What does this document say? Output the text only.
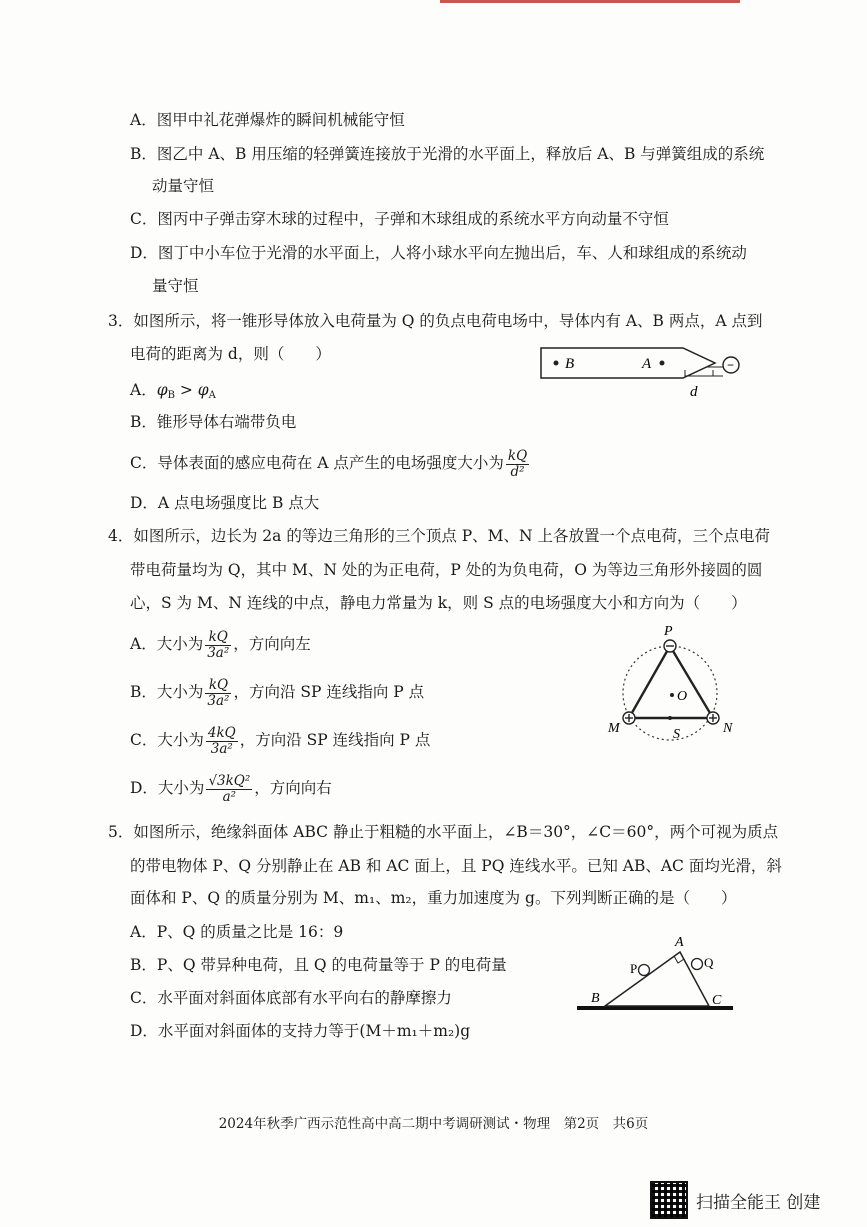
A．图甲中礼花弹爆炸的瞬间机械能守恒
B．图乙中 A、B 用压缩的轻弹簧连接放于光滑的水平面上，释放后 A、B 与弹簧组成的系统
动量守恒
C．图丙中子弹击穿木球的过程中，子弹和木球组成的系统水平方向动量不守恒
D．图丁中小车位于光滑的水平面上，人将小球水平向左抛出后，车、人和球组成的系统动
量守恒
3．如图所示，将一锥形导体放入电荷量为 Q 的负点电荷电场中，导体内有 A、B 两点，A 点到
电荷的距离为 d，则（　　）
A．$\varphi_B > \varphi_A$
B．锥形导体右端带负电
C．导体表面的感应电荷在 A 点产生的电场强度大小为 $\frac{kQ}{\text{d²}}$
D．A 点电场强度比 B 点大
B	A	−
d
4．如图所示，边长为 2a 的等边三角形的三个顶点 P、M、N 上各放置一个点电荷，三个点电荷
带电荷量均为 Q，其中 M、N 处的为正电荷，P 处的为负电荷，O 为等边三角形外接圆的圆
心，S 为 M、N 连线的中点，静电力常量为 k，则 S 点的电场强度大小和方向为（　　）
A．大小为 $\frac{kQ}{\text{3a²}}$ ，方向向左
B．大小为 $\frac{kQ}{\text{3a²}}$ ，方向沿 SP 连线指向 P 点
C．大小为 $\frac{4kQ}{\text{3a²}}$ ，方向沿 SP 连线指向 P 点
D．大小为 $\frac{\text{√3kQ²}}{\text{a²}}$ ，方向向右
P
O
M	N
S
5．如图所示，绝缘斜面体 ABC 静止于粗糙的水平面上，∠B＝30°，∠C＝60°，两个可视为质点
的带电物体 P、Q 分别静止在 AB 和 AC 面上，且 PQ 连线水平。已知 AB、AC 面均光滑，斜
面体和 P、Q 的质量分别为 M、m₁、m₂，重力加速度为 g。下列判断正确的是（　　）
A．P、Q 的质量之比是 16：9
B．P、Q 带异种电荷，且 Q 的电荷量等于 P 的电荷量
C．水平面对斜面体底部有水平向右的静摩擦力
D．水平面对斜面体的支持力等于(M＋m₁＋m₂)g
A
B	C
P	Q
2024年秋季广西示范性高中高二期中考调研测试・物理　第2页　共6页
扫描全能王 创建
